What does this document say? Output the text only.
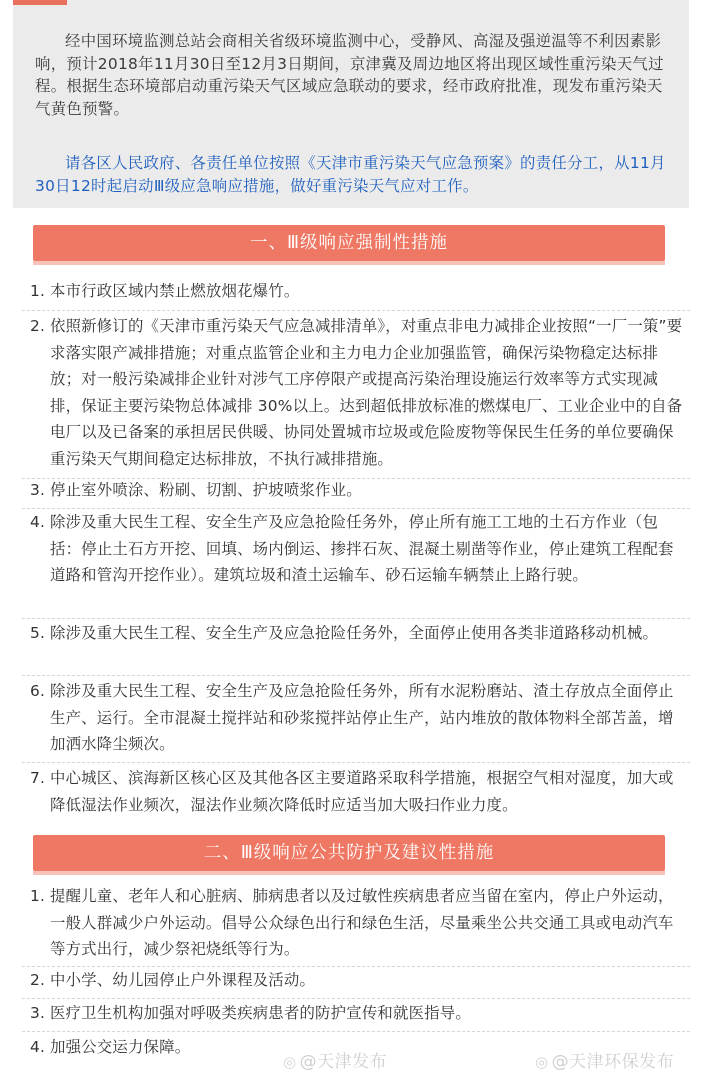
经中国环境监测总站会商相关省级环境监测中心，受静风、高湿及强逆温等不利因素影响，预计2018年11月30日至12月3日期间，京津冀及周边地区将出现区域性重污染天气过程。根据生态环境部启动重污染天气区域应急联动的要求，经市政府批准，现发布重污染天气黄色预警。

请各区人民政府、各责任单位按照《天津市重污染天气应急预案》的责任分工，从11月30日12时起启动Ⅲ级应急响应措施，做好重污染天气应对工作。

一、Ⅲ级响应强制性措施
1. 本市行政区域内禁止燃放烟花爆竹。
2. 依照新修订的《天津市重污染天气应急减排清单》，对重点非电力减排企业按照“一厂一策”要求落实限产减排措施；对重点监管企业和主力电力企业加强监管，确保污染物稳定达标排放；对一般污染减排企业针对涉气工序停限产或提高污染治理设施运行效率等方式实现减排，保证主要污染物总体减排 30%以上。达到超低排放标准的燃煤电厂、工业企业中的自备电厂以及已备案的承担居民供暖、协同处置城市垃圾或危险废物等保民生任务的单位要确保重污染天气期间稳定达标排放，不执行减排措施。
3. 停止室外喷涂、粉刷、切割、护坡喷浆作业。
4. 除涉及重大民生工程、安全生产及应急抢险任务外，停止所有施工工地的土石方作业（包括：停止土石方开挖、回填、场内倒运、掺拌石灰、混凝土剔凿等作业，停止建筑工程配套道路和管沟开挖作业）。建筑垃圾和渣土运输车、砂石运输车辆禁止上路行驶。
5. 除涉及重大民生工程、安全生产及应急抢险任务外，全面停止使用各类非道路移动机械。
6. 除涉及重大民生工程、安全生产及应急抢险任务外，所有水泥粉磨站、渣土存放点全面停止生产、运行。全市混凝土搅拌站和砂浆搅拌站停止生产，站内堆放的散体物料全部苫盖，增加洒水降尘频次。
7. 中心城区、滨海新区核心区及其他各区主要道路采取科学措施，根据空气相对湿度，加大或降低湿法作业频次，湿法作业频次降低时应适当加大吸扫作业力度。
二、Ⅲ级响应公共防护及建议性措施
1. 提醒儿童、老年人和心脏病、肺病患者以及过敏性疾病患者应当留在室内，停止户外运动，一般人群减少户外运动。倡导公众绿色出行和绿色生活，尽量乘坐公共交通工具或电动汽车等方式出行，减少祭祀烧纸等行为。
2. 中小学、幼儿园停止户外课程及活动。
3. 医疗卫生机构加强对呼吸类疾病患者的防护宣传和就医指导。
4. 加强公交运力保障。
◎ @天津发布	◎ @天津环保发布
